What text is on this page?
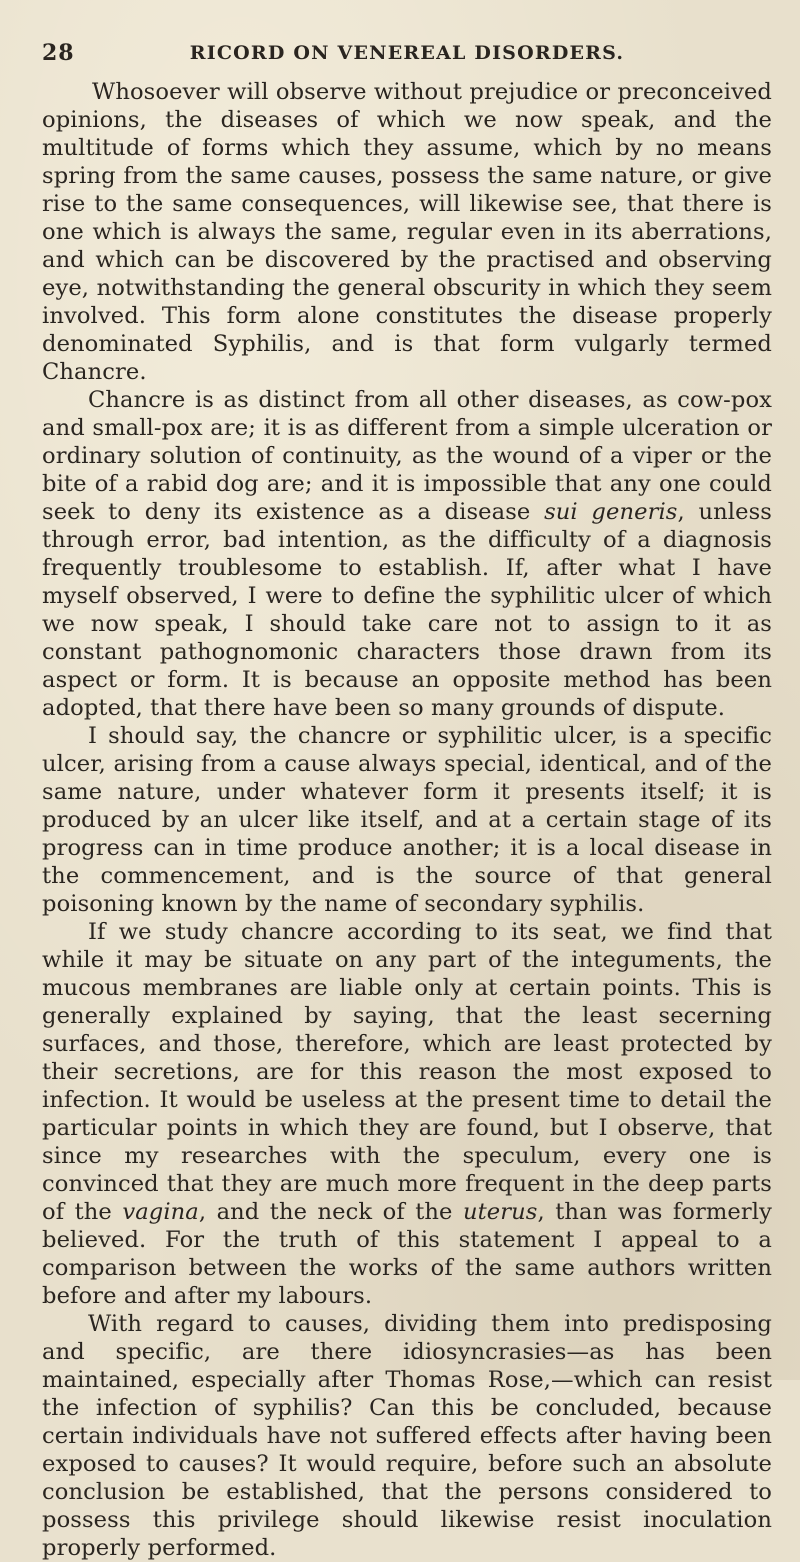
28	RICORD ON VENEREAL DISORDERS.

Whosoever will observe without prejudice or preconceived opinions, the diseases of which we now speak, and the multitude of forms which they assume, which by no means spring from the same causes, possess the same nature, or give rise to the same consequences, will likewise see, that there is one which is always the same, regular even in its aberrations, and which can be discovered by the practised and observing eye, notwithstanding the general obscurity in which they seem involved. This form alone constitutes the disease properly denominated Syphilis, and is that form vulgarly termed Chancre.

Chancre is as distinct from all other diseases, as cow-pox and small-pox are; it is as different from a simple ulceration or ordinary solution of continuity, as the wound of a viper or the bite of a rabid dog are; and it is impossible that any one could seek to deny its existence as a disease sui generis, unless through error, bad intention, as the difficulty of a diagnosis frequently troublesome to establish. If, after what I have myself observed, I were to define the syphilitic ulcer of which we now speak, I should take care not to assign to it as constant pathognomonic characters those drawn from its aspect or form. It is because an opposite method has been adopted, that there have been so many grounds of dispute.

I should say, the chancre or syphilitic ulcer, is a specific ulcer, arising from a cause always special, identical, and of the same nature, under whatever form it presents itself; it is produced by an ulcer like itself, and at a certain stage of its progress can in time produce another; it is a local disease in the commencement, and is the source of that general poisoning known by the name of secondary syphilis.

If we study chancre according to its seat, we find that while it may be situate on any part of the integuments, the mucous membranes are liable only at certain points. This is generally explained by saying, that the least secerning surfaces, and those, therefore, which are least protected by their secretions, are for this reason the most exposed to infection. It would be useless at the present time to detail the particular points in which they are found, but I observe, that since my researches with the speculum, every one is convinced that they are much more frequent in the deep parts of the vagina, and the neck of the uterus, than was formerly believed. For the truth of this statement I appeal to a comparison between the works of the same authors written before and after my labours.

With regard to causes, dividing them into predisposing and specific, are there idiosyncrasies—as has been maintained, especially after Thomas Rose,—which can resist the infection of syphilis? Can this be concluded, because certain individuals have not suffered effects after having been exposed to causes? It would require, before such an absolute conclusion be established, that the persons considered to possess this privilege should likewise resist inoculation properly performed.
